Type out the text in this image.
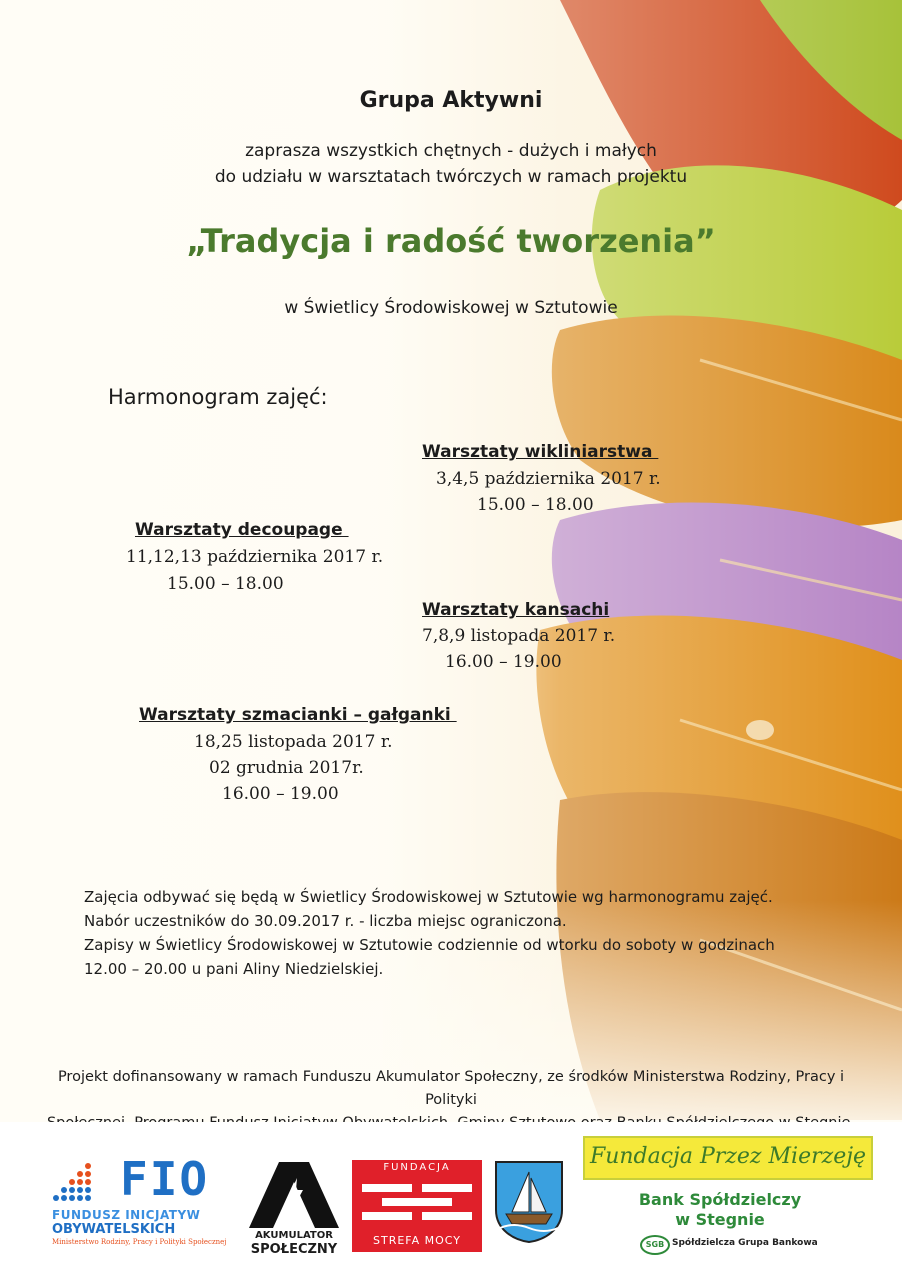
Grupa Aktywni
zaprasza wszystkich chętnych - dużych i małych
do udziału w warsztatach twórczych w ramach projektu
„Tradycja i radość tworzenia”
w Świetlicy Środowiskowej w Sztutowie
Harmonogram zajęć:
Warsztaty wikliniarstwa
3,4,5 października 2017 r.
15.00 – 18.00
Warsztaty decoupage
11,12,13 października 2017 r.
15.00 – 18.00
Warsztaty kansachi
7,8,9 listopada 2017 r.
16.00 – 19.00
Warsztaty szmacianki – gałganki
18,25 listopada 2017 r.
02 grudnia 2017r.
16.00 – 19.00
Zajęcia odbywać się będą w Świetlicy Środowiskowej w Sztutowie wg harmonogramu zajęć.
Nabór uczestników do 30.09.2017 r. - liczba miejsc ograniczona.
Zapisy w Świetlicy Środowiskowej w Sztutowie codziennie od wtorku do soboty w godzinach
12.00 – 20.00 u pani Aliny Niedzielskiej.
Projekt dofinansowany w ramach Funduszu Akumulator Społeczny, ze środków Ministerstwa Rodziny, Pracy i Polityki
FIO
FUNDUSZ INICJATYW
OBYWATELSKICH
Ministerstwo Rodziny, Pracy i Polityki Społecznej
AKUMULATOR
SPOŁECZNY
FUNDACJA
STREFA MOCY
Fundacja Przez Mierzeję
Bank Spółdzielczy
w Stegnie
SGB Spółdzielcza Grupa Bankowa
